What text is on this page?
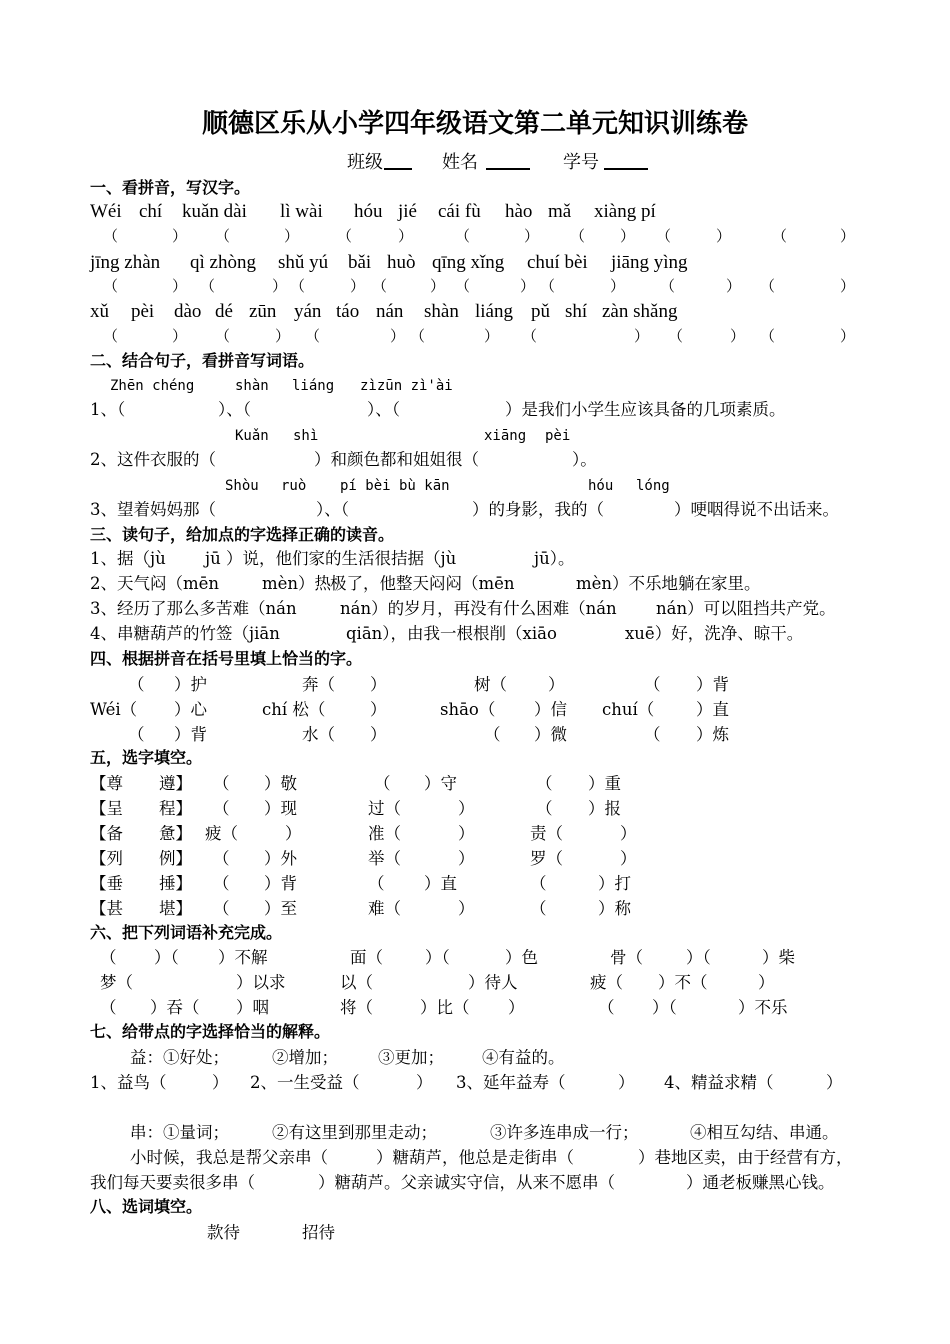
顺德区乐从小学四年级语文第二单元知识训练卷
班级	姓名	学号
一、看拼音，写汉字。
Wéi chí kuǎn dài lì wài hóu jié cái fù hào mǎ xiàng pí
（	） （	）	（	）	（	） （ ） （	）	（	）
jīng zhàn qì zhòng shǔ yú bǎi huò qīng xǐng chuí bèi jiāng yìng
（	） （	） （	） （	） （	） （	） （	） （	）
xǔ pèi dào dé zūn yán táo nán shàn liáng pǔ shí zàn shǎng
（	） （	） （	） （	） （	） （	） （	）
二、结合句子，看拼音写词语。
Zhēn chéng	shàn liáng zìzūn zì'ài
1、（	）、（	）、（	）是我们小学生应该具备的几项素质。
Kuǎn shì	xiāng pèi
2、这件衣服的（	）和颜色都和姐姐很（	）。
Shòu ruò pí bèi bù kān	hóu lóng
3、望着妈妈那（	）、（	）的身影，我的（	）哽咽得说不出话来。
三、读句子，给加点的字选择正确的读音。
1、据（jù jū ）说，他们家的生活很拮据（jù	jū）。
2、天气闷（mēn	mèn）热
极了，他整天闷闷（mēn	mèn）不乐地躺在家里。
3、经历了那么多苦难（nán	nán）的岁月，再没有什么困难（nán nán）可以阻挡共产党。
4、串糖葫芦的竹签（jiān	qiān），由我一根根削（xiāo	xuē）好，洗净、晾干。
四、根据拼音在括号里填上恰当的字。
（ ）护	奔（ ）	树（ ）	（ ）背
Wéi（ ）心	chí 松（	）	shāo（ ）信 chuí（	）直
（ ）背	水（ ）	（ ）微	（ ）炼
五，选字填空。
【尊 遵】 （ ）敬	（ ）守	（ ）重
【呈 程】 （ ）现	过（	）	（ ）报
【备 惫】 疲（	）	准（	）	责（	）
【列 例】 （ ）外	举（	）	罗（	）
【垂 捶】 （ ）背	（ ）直	（	）打
【甚 堪】 （ ）至	难（	）	（	）称
六、把下列词语补充完成。
（ ）（ ）不解	面（	）（	）色	骨（	）（	）柴
梦（	）以求	以（	）待人	疲（ ）不（	）
（ ）吞（ ）咽	将（	）比（ ）	（ ）（	）不乐
七、给带点的字选择恰当的解释。
益：①好处；	②增加； ③更加； ④有益的。
1、益鸟（	） 2、一生受益（	） 3、延年益寿（	） 4、精益求精（	）
串：①量词；	②有这里到那里走动；	③许多连串成一行；	④相互勾结、串通。
小时候，我总是帮父亲串（	）糖葫芦，他总是走街串（	）巷地区卖，由于经营有方，
我们每天要卖很多串（	）糖葫芦。父亲诚实守信，从来不愿串（	）通老板赚黑心钱。
八、选词填空。
款待	招待
